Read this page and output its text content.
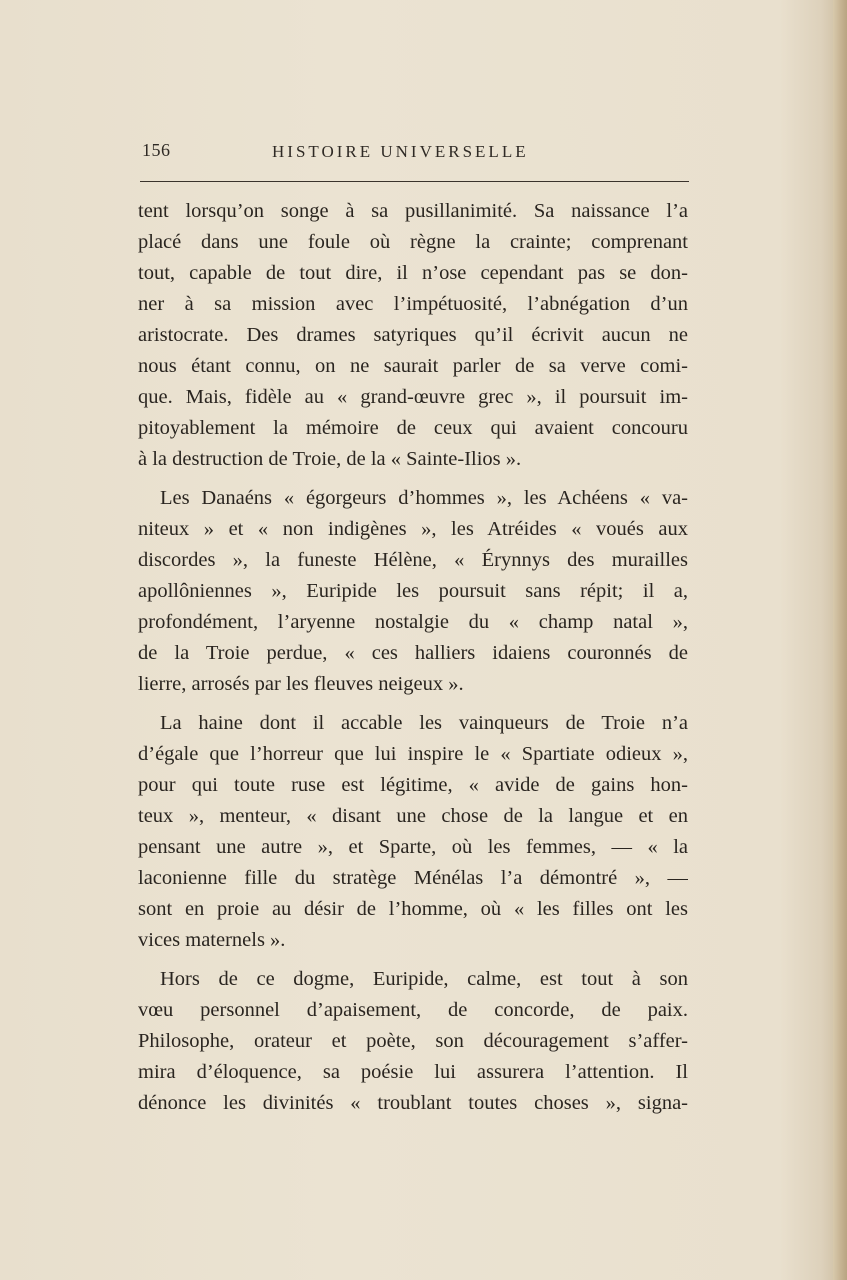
156	HISTOIRE UNIVERSELLE
tent lorsqu’on songe à sa pusillanimité. Sa naissance l’a
placé dans une foule où règne la crainte; comprenant
tout, capable de tout dire, il n’ose cependant pas se don-
ner à sa mission avec l’impétuosité, l’abnégation d’un
aristocrate. Des drames satyriques qu’il écrivit aucun ne
nous étant connu, on ne saurait parler de sa verve comi-
que. Mais, fidèle au « grand-œuvre grec », il poursuit im-
pitoyablement la mémoire de ceux qui avaient concouru
à la destruction de Troie, de la « Sainte-Ilios ».
Les Danaéns « égorgeurs d’hommes », les Achéens « va-
niteux » et « non indigènes », les Atréides « voués aux
discordes », la funeste Hélène, « Érynnys des murailles
apollôniennes », Euripide les poursuit sans répit; il a,
profondément, l’aryenne nostalgie du « champ natal »,
de la Troie perdue, « ces halliers idaiens couronnés de
lierre, arrosés par les fleuves neigeux ».
La haine dont il accable les vainqueurs de Troie n’a
d’égale que l’horreur que lui inspire le « Spartiate odieux »,
pour qui toute ruse est légitime, « avide de gains hon-
teux », menteur, « disant une chose de la langue et en
pensant une autre », et Sparte, où les femmes, — « la
laconienne fille du stratège Ménélas l’a démontré », —
sont en proie au désir de l’homme, où « les filles ont les
vices maternels ».
Hors de ce dogme, Euripide, calme, est tout à son
vœu personnel d’apaisement, de concorde, de paix.
Philosophe, orateur et poète, son découragement s’affer-
mira d’éloquence, sa poésie lui assurera l’attention. Il
dénonce les divinités « troublant toutes choses », signa-
